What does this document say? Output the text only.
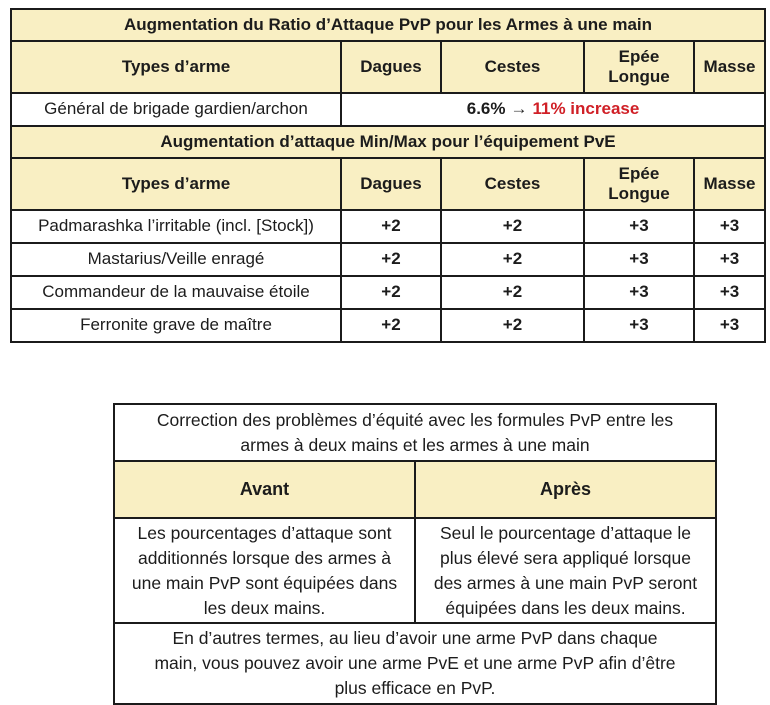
Augmentation du Ratio d’Attaque PvP pour les Armes à une main				
Types d’arme	Dagues	Cestes	Epée Longue	Masse
Général de brigade gardien/archon	6.6% → 11% increase			
Augmentation d’attaque Min/Max pour l’équipement PvE				
Types d’arme	Dagues	Cestes	Epée Longue	Masse
Padmarashka l’irritable (incl. [Stock])	+2	+2	+3	+3
Mastarius/Veille enragé	+2	+2	+3	+3
Commandeur de la mauvaise étoile	+2	+2	+3	+3
Ferronite grave de maître	+2	+2	+3	+3
Correction des problèmes d’équité avec les formules PvP entre les armes à deux mains et les armes à une main	
Avant	Après
Les pourcentages d’attaque sont additionnés lorsque des armes à une main PvP sont équipées dans les deux mains.	Seul le pourcentage d’attaque le plus élevé sera appliqué lorsque des armes à une main PvP seront équipées dans les deux mains.
En d’autres termes, au lieu d’avoir une arme PvP dans chaque main, vous pouvez avoir une arme PvE et une arme PvP afin d’être plus efficace en PvP.	
